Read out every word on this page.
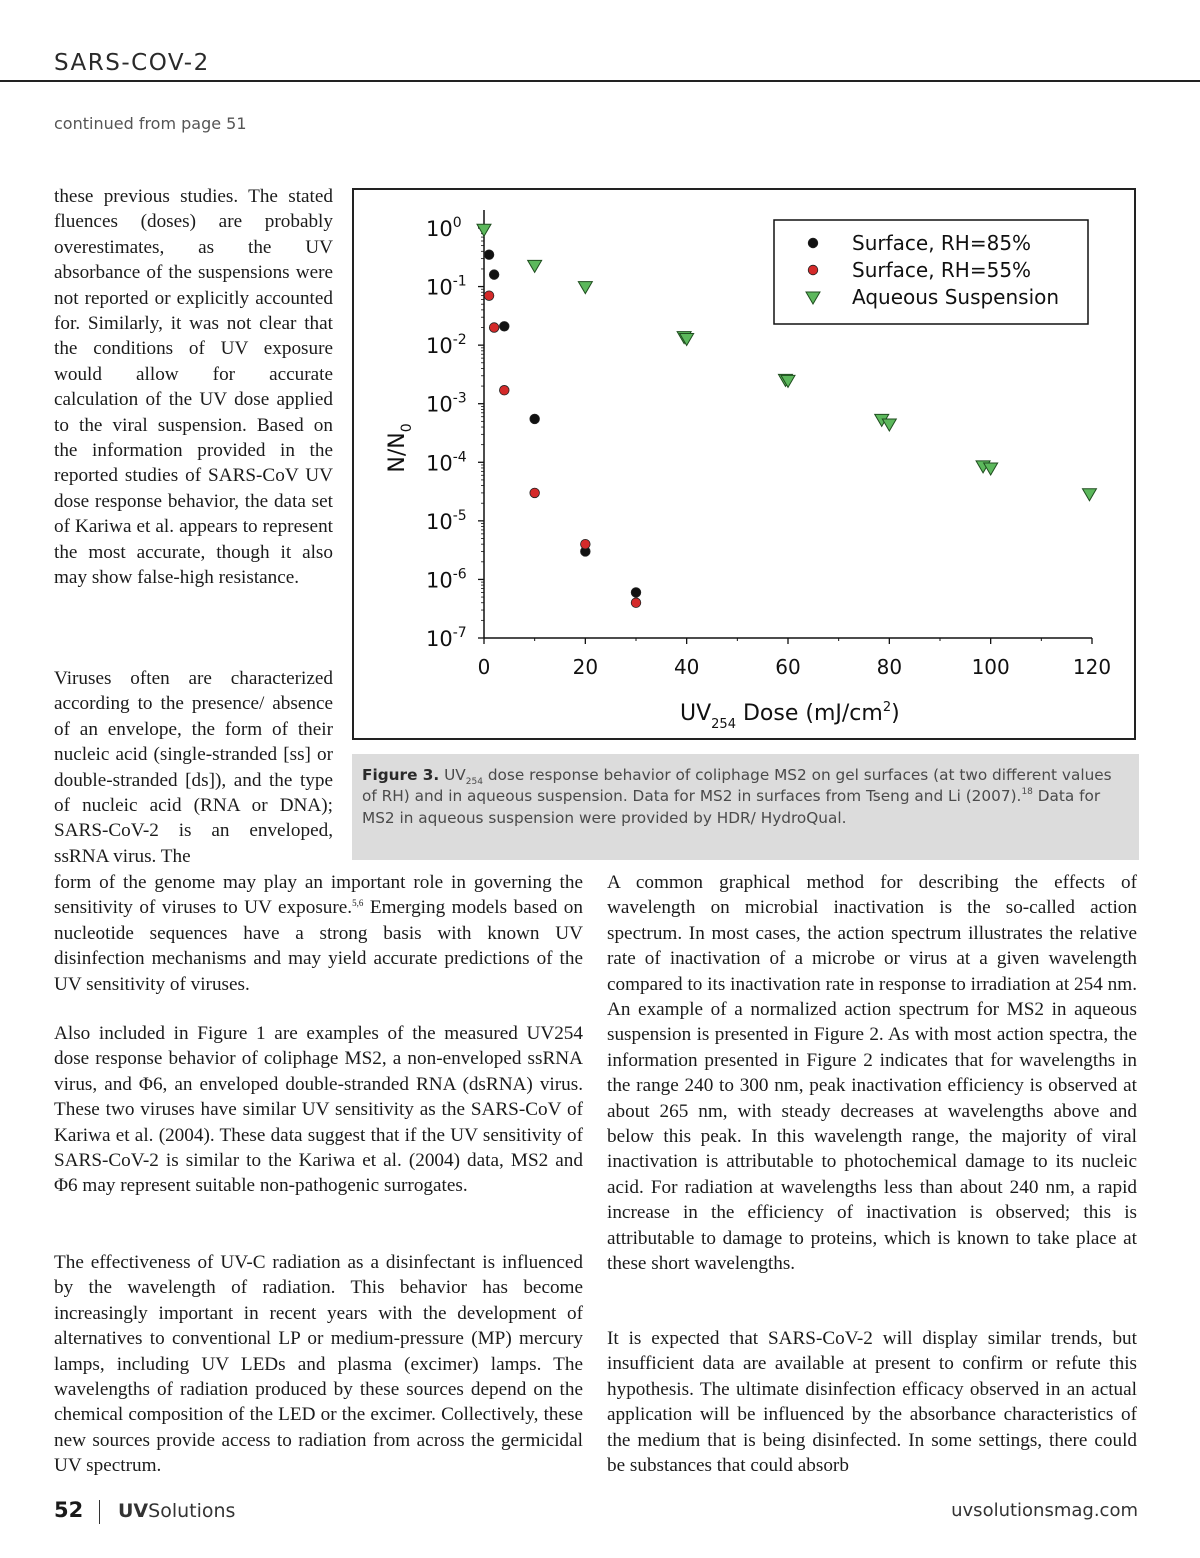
SARS-COV-2
continued from page 51

these previous studies. The stated fluences (doses) are probably overestimates, as the UV absorbance of the suspensions were not reported or explicitly accounted for. Similarly, it was not clear that the conditions of UV exposure would allow for accurate calculation of the UV dose applied to the viral suspension. Based on the information provided in the reported studies of SARS-CoV UV dose response behavior, the data set of Kariwa et al. appears to represent the most accurate, though it also may show false-high resistance.

Viruses often are characterized according to the presence/ absence of an envelope, the form of their nucleic acid (single-stranded [ss] or double-stranded [ds]), and the type of nucleic acid (RNA or DNA); SARS-CoV-2 is an enveloped, ssRNA virus. The

0	20	40	60	80	100	120
$10^0$
$10^{-1}$
$10^{-2}$
$10^{-3}$
$10^{-4}$
$10^{-5}$
$10^{-6}$
$10^{-7}$
Surface, RH=85%
Surface, RH=55%
Aqueous Suspension
$UV_{254}$ Dose $(mJ/cm^2)$
$N/N_0$

Figure 3. $UV_{254}$ dose response behavior of coliphage MS2 on gel surfaces (at two different values of RH) and in aqueous suspension. Data for MS2 in surfaces from Tseng and Li (2007).$^{18}$ Data for MS2 in aqueous suspension were provided by HDR/ HydroQual.

form of the genome may play an important role in governing the sensitivity of viruses to UV exposure.$^{5,6}$ Emerging models based on nucleotide sequences have a strong basis with known UV disinfection mechanisms and may yield accurate predictions of the UV sensitivity of viruses.

Also included in Figure 1 are examples of the measured UV254 dose response behavior of coliphage MS2, a non-enveloped ssRNA virus, and Φ6, an enveloped double-stranded RNA (dsRNA) virus. These two viruses have similar UV sensitivity as the SARS-CoV of Kariwa et al. (2004). These data suggest that if the UV sensitivity of SARS-CoV-2 is similar to the Kariwa et al. (2004) data, MS2 and Φ6 may represent suitable non-pathogenic surrogates.

The effectiveness of UV-C radiation as a disinfectant is influenced by the wavelength of radiation. This behavior has become increasingly important in recent years with the development of alternatives to conventional LP or medium-pressure (MP) mercury lamps, including UV LEDs and plasma (excimer) lamps. The wavelengths of radiation produced by these sources depend on the chemical composition of the LED or the excimer. Collectively, these new sources provide access to radiation from across the germicidal UV spectrum.

A common graphical method for describing the effects of wavelength on microbial inactivation is the so-called action spectrum. In most cases, the action spectrum illustrates the relative rate of inactivation of a microbe or virus at a given wavelength compared to its inactivation rate in response to irradiation at 254 nm. An example of a normalized action spectrum for MS2 in aqueous suspension is presented in Figure 2. As with most action spectra, the information presented in Figure 2 indicates that for wavelengths in the range 240 to 300 nm, peak inactivation efficiency is observed at about 265 nm, with steady decreases at wavelengths above and below this peak. In this wavelength range, the majority of viral inactivation is attributable to photochemical damage to its nucleic acid. For radiation at wavelengths less than about 240 nm, a rapid increase in the efficiency of inactivation is observed; this is attributable to damage to proteins, which is known to take place at these short wavelengths.

It is expected that SARS-CoV-2 will display similar trends, but insufficient data are available at present to confirm or refute this hypothesis. The ultimate disinfection efficacy observed in an actual application will be influenced by the absorbance characteristics of the medium that is being disinfected. In some settings, there could be substances that could absorb

52 UVSolutions	uvsolutionsmag.com
